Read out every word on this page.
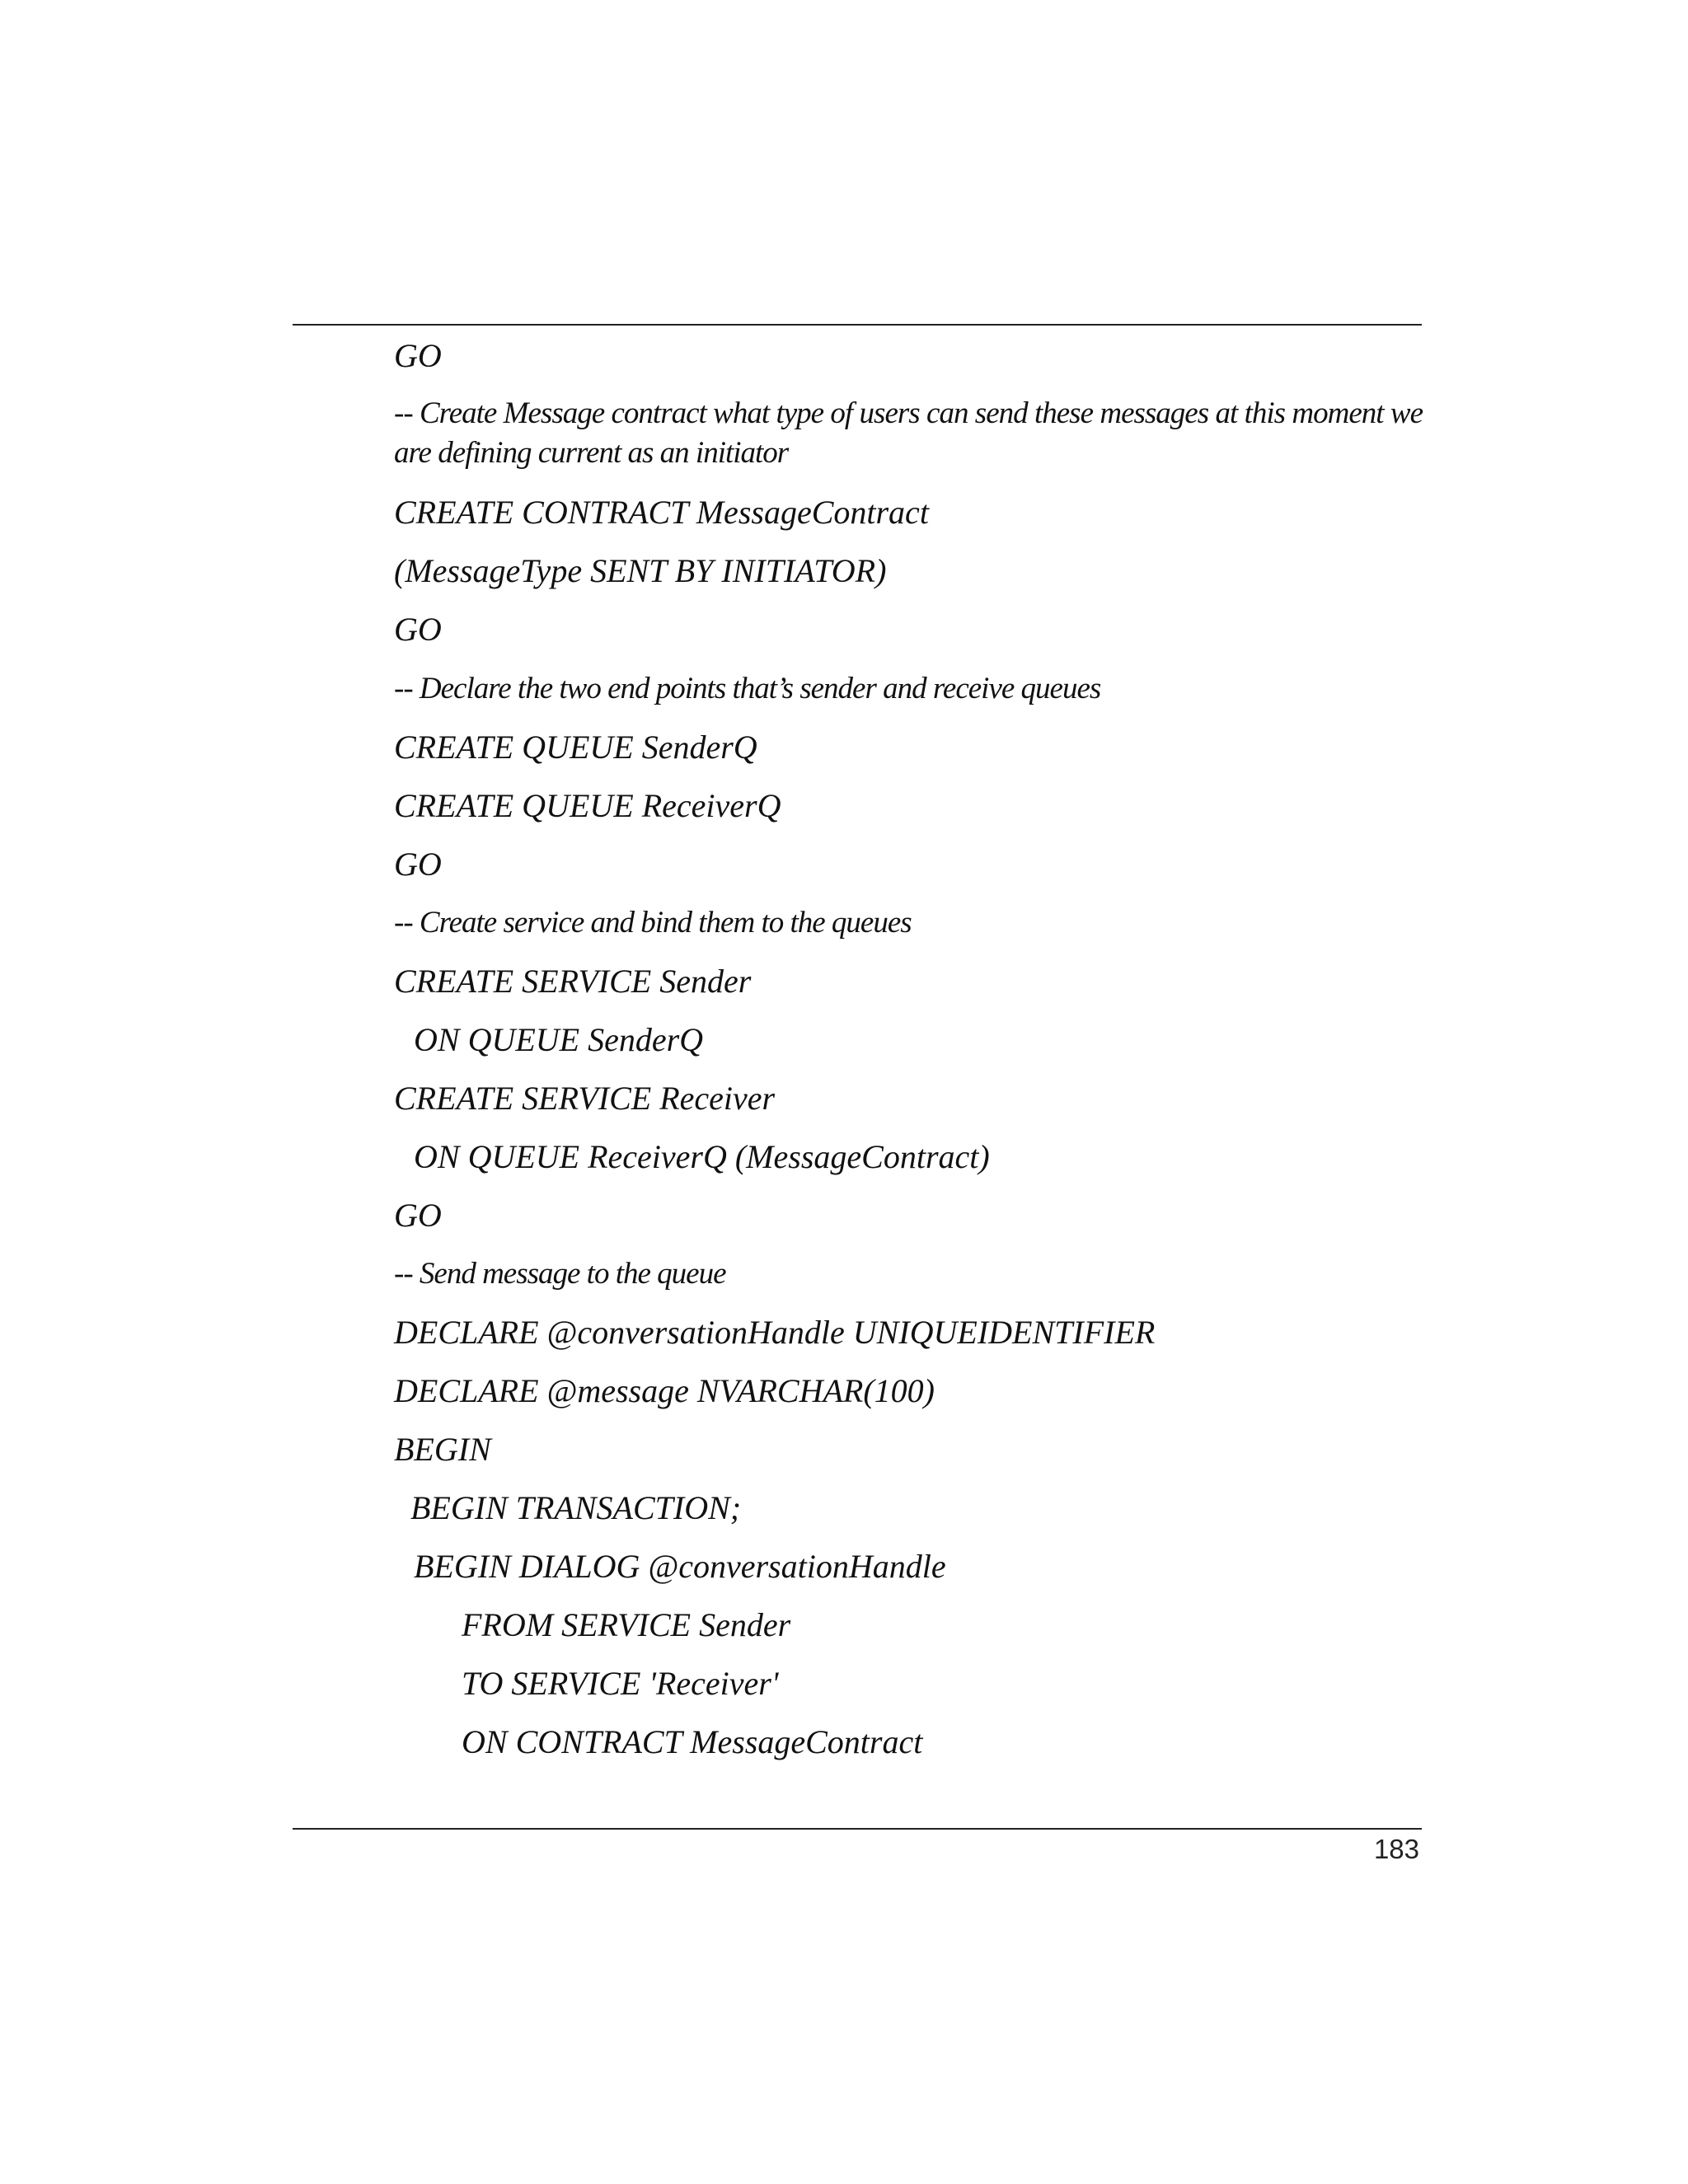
GO
-- Create Message contract what type of users can send these messages at this moment we are defining current as an initiator
CREATE CONTRACT MessageContract
(MessageType SENT BY INITIATOR)
GO
-- Declare the two end points that’s sender and receive queues
CREATE QUEUE SenderQ
CREATE QUEUE ReceiverQ
GO
-- Create service and bind them to the queues
CREATE SERVICE Sender
ON QUEUE SenderQ
CREATE SERVICE Receiver
ON QUEUE ReceiverQ (MessageContract)
GO
-- Send message to the queue
DECLARE @conversationHandle UNIQUEIDENTIFIER
DECLARE @message NVARCHAR(100)
BEGIN
BEGIN TRANSACTION;
BEGIN DIALOG @conversationHandle
FROM SERVICE Sender
TO SERVICE 'Receiver'
ON CONTRACT MessageContract
183
